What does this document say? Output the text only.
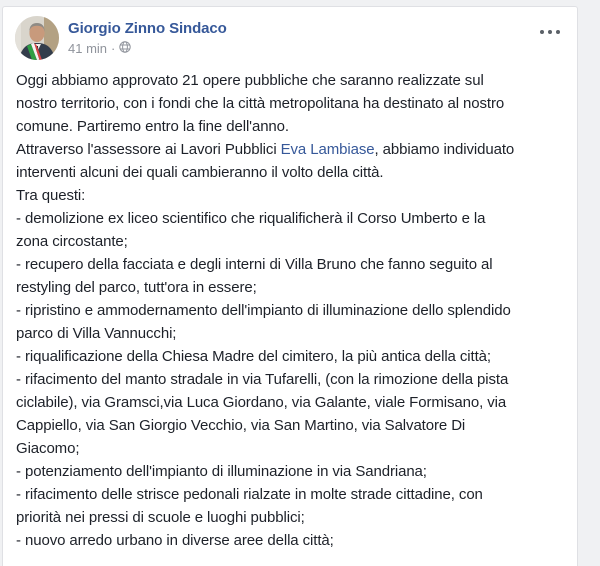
Giorgio Zinno Sindaco
41 min ·
Oggi abbiamo approvato 21 opere pubbliche che saranno realizzate sul
nostro territorio, con i fondi che la città metropolitana ha destinato al nostro
comune. Partiremo entro la fine dell'anno.
Attraverso l'assessore ai Lavori Pubblici Eva Lambiase, abbiamo individuato
interventi alcuni dei quali cambieranno il volto della città.
Tra questi:
- demolizione ex liceo scientifico che riqualificherà il Corso Umberto e la
zona circostante;
- recupero della facciata e degli interni di Villa Bruno che fanno seguito al
restyling del parco, tutt'ora in essere;
- ripristino e ammodernamento dell'impianto di illuminazione dello splendido
parco di Villa Vannucchi;
- riqualificazione della Chiesa Madre del cimitero, la più antica della città;
- rifacimento del manto stradale in via Tufarelli, (con la rimozione della pista
ciclabile), via Gramsci,via Luca Giordano, via Galante, viale Formisano, via
Cappiello, via San Giorgio Vecchio, via San Martino, via Salvatore Di
Giacomo;
- potenziamento dell'impianto di illuminazione in via Sandriana;
- rifacimento delle strisce pedonali rialzate in molte strade cittadine, con
priorità nei pressi di scuole e luoghi pubblici;
- nuovo arredo urbano in diverse aree della città;
